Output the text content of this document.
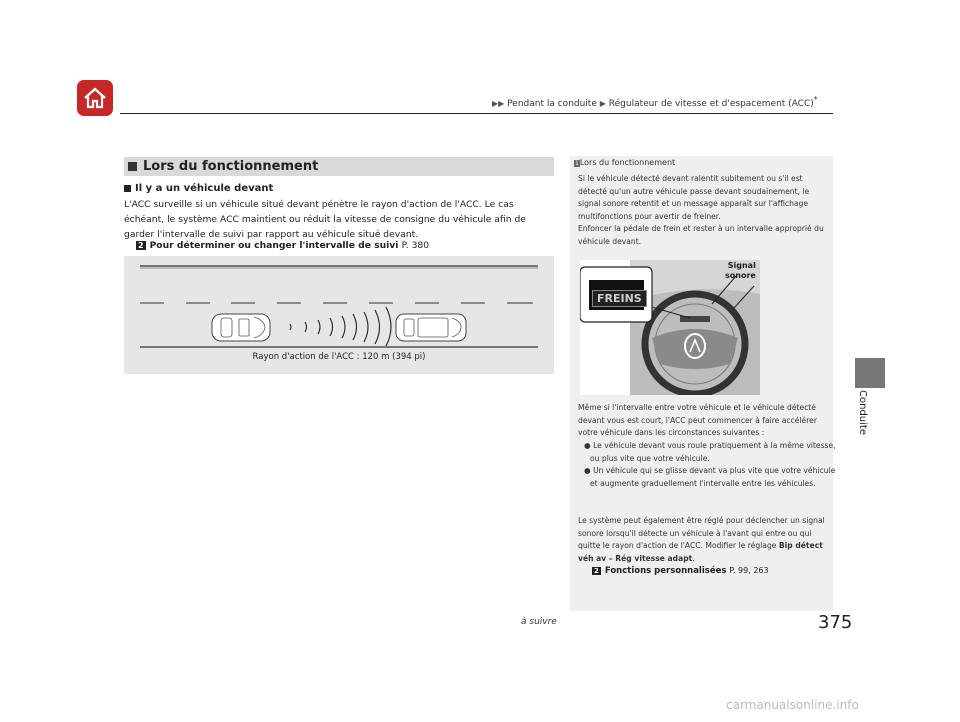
▶▶ Pendant la conduite ▶ Régulateur de vitesse et d'espacement (ACC)*
Conduite
Lors du fonctionnement
Il y a un véhicule devant
L'ACC surveille si un véhicule situé devant pénètre le rayon d'action de l'ACC. Le cas échéant, le système ACC maintient ou réduit la vitesse de consigne du véhicule afin de garder l'intervalle de suivi par rapport au véhicule situé devant.
2 Pour déterminer ou changer l'intervalle de suivi P. 380
Rayon d'action de l'ACC : 120 m (394 pi)
1Lors du fonctionnement
Si le véhicule détecté devant ralentit subitement ou s'il est détecté qu'un autre véhicule passe devant soudainement, le signal sonore retentit et un message apparaît sur l'affichage multifonctions pour avertir de freiner.
Enfoncer la pédale de frein et rester à un intervalle approprié du véhicule devant.
FREINS
Signal
sonore
Même si l'intervalle entre votre véhicule et le véhicule détecté devant vous est court, l'ACC peut commencer à faire accélérer votre véhicule dans les circonstances suivantes :
● Le véhicule devant vous roule pratiquement à la même vitesse, ou plus vite que votre véhicule.
● Un véhicule qui se glisse devant va plus vite que votre véhicule et augmente graduellement l'intervalle entre les véhicules.
Le système peut également être réglé pour déclencher un signal sonore lorsqu'il détecte un véhicule à l'avant qui entre ou qui quitte le rayon d'action de l'ACC. Modifier le réglage Bip détect véh av – Rég vitesse adapt.
2 Fonctions personnalisées P. 99, 263
à suivre	375
carmanualsonline.info
